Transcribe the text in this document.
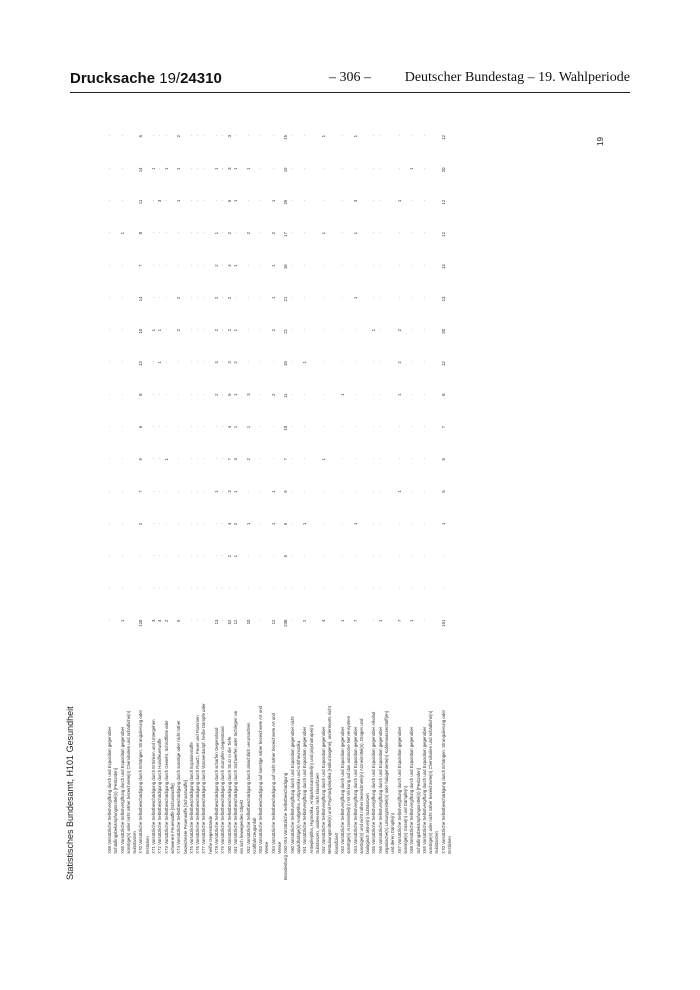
Drucksache 19/24310	– 306 –	Deutscher Bundestag – 19. Wahlperiode
Statistisches Bundesamt, H101 Gesundheit
		X68 Vorsätzliche Selbstvergiftung durch und Exposition gegenüber	·	·	·	·	·	·	·	·	·	·	·	·	·	·	·	·
	Schädlingsbekämpfungsmittel(n) [Pestiziden]																
	X69 Vorsätzliche Selbstvergiftung durch und Exposition gegenüber	1	·	·	·	·	·	·	·	·	·	·	·	1	·	·	·
	sonstige(n) oder nicht näher bezeichnete(n) Chemikalien und schädliche(n)																
	Substanzen																
	X70 Vorsätzliche Selbstbeschädigung durch Erhängen, Strangulierung oder	120	·	·	2	7	9	6	8	13	10	14	7	8	11	14	6
	Ersticken																
	X71 Vorsätzliche Selbstbeschädigung durch Ertrinken und Untergehen	3	·	·	·	·	·	·	·	·	1	·	·	·	·	1	·
	X72 Vorsätzliche Selbstbeschädigung durch Handfeuerwaffe	4	·	·	·	·	·	·	·	1	1	·	·	·	3	·	·
	X73 Vorsätzliche Selbstbeschädigung durch Gewehr, Schrotflinte oder	2	·	·	·	·	1	·	·	·	·	·	·	·	·	1	·
	schwerere Feuerwaffe [Schusswaffe]																
	X74 Vorsätzliche Selbstbeschädigung durch sonstige oder nicht näher	5	·	·	·	·	·	·	·	·	2	2	·	·	1	1	2
	bezeichnete Feuerwaffe [Schusswaffe]																
	X75 Vorsätzliche Selbstbeschädigung durch Explosivstoffe	·	·	·	·	·	·	·	·	·	·	·	·	·	·	·	·
	X76 Vorsätzliche Selbstbeschädigung durch Rauch, Feuer und Flammen	·	·	·	·	·	·	·	·	·	·	·	·	·	·	·	·
	X77 Vorsätzliche Selbstbeschädigung durch Wasserdampf, heiße Dämpfe oder	·	·	·	·	·	·	·	·	·	·	·	·	·	·	·	·
	heiße Gegenstände																
	X78 Vorsätzliche Selbstbeschädigung durch scharfen Gegenstand	13	·	·	·	1	·	·	2	3	2	2	2	1	·	1	·
	X79 Vorsätzliche Selbstbeschädigung durch stumpfen Gegenstand	·	·	·	·	·	·	·	·	·	·	·	·	·	·	·	·
	X80 Vorsätzliche Selbstbeschädigung durch Sturz in die Tiefe	52	·	2	4	3	7	4	5	3	2	2	4	2	5	3	3
	X81 Vorsätzliche Selbstbeschädigung durch Sichwerfen oder Sichlegen vor	12	·	1	2	1	3	1	1	2	1	·	1	·	1	1	·
	ein sich bewegendes Objekt																
	X82 Vorsätzliche Selbstbeschädigung durch absichtlich verursachten	10	·	·	1	·	2	1	3	·	·	·	·	2	·	1	·
	Kraftfahrzeugunfall																
	X83 Vorsätzliche Selbstbeschädigung auf sonstige näher bezeichnete Art und	·	·	·	·	·	·	·	·	·	·	·	·	·	·	·	·
	Weise																
	X84 Vorsätzliche Selbstbeschädigung auf nicht näher bezeichnete Art und	12	·	·	1	1	·	·	2	·	2	1	1	2	1	·	·
	Weise																
Brandenburg	X60-X84 Vorsätzliche Selbstbeschädigung	238	·	5	9	9	7	10	11	18	21	21	18	17	25	19	15
	X60 Vorsätzliche Selbstvergiftung durch und Exposition gegenüber nicht	·	·	·	·	·	·	·	·	·	·	·	·	·	·	·	·
	opioidhaltige(n) Analgetika, Antipyretika und Antirheumatika																
	X61 Vorsätzliche Selbstvergiftung durch und Exposition gegenüber	2	·	·	1	·	·	·	·	1	·	·	·	·	·	·	·
	Antiepileptika, Hypnotika, Antiparkinsonmittel(n) und psychotrope(n)																
	Substanzen, anderenorts nicht klassifiziert																
	X62 Vorsätzliche Selbstvergiftung durch und Exposition gegenüber	4	·	·	·	·	1	·	·	·	·	·	·	1	·	·	1
	Betäubungsmittel(n) und Psychodysleptika [Halluzinogene], anderenorts nicht																
	klassifiziert																
	X63 Vorsätzliche Selbstvergiftung durch und Exposition gegenüber	1	·	·	·	·	·	·	1	·	·	·	·	·	·	·	·
	sonstige(n) Arzneimittel(n) mit Wirkung auf das autonome Nervensystem																
	X64 Vorsätzliche Selbstvergiftung durch und Exposition gegenüber	7	·	·	1	·	·	·	·	·	·	1	·	1	3	·	1
	sonstige(n) und nicht näher bezeichnete(n) Arzneimittel(n), Drogen und																
	biologisch aktive(n) Substanzen																
	X65 Vorsätzliche Selbstvergiftung durch und Exposition gegenüber Alkohol	·	·	·	·	·	·	·	·	·	1	·	·	·	·	·	·
	X66 Vorsätzliche Selbstvergiftung durch und Exposition gegenüber	1	·	·	·	·	·	·	·	·	·	·	·	·	·	·	·
	organische(n) Lösungsmittel(n) oder halogenierte(n) Kohlenwasserstoff(en)																
	und deren Dämpfe(n)																
	X67 Vorsätzliche Selbstvergiftung durch und Exposition gegenüber	7	·	·	·	1	·	·	1	2	2	·	·	·	1	·	·
	sonstige(n) Gase(n) und Dämpfe(n)																
	X68 Vorsätzliche Selbstvergiftung durch und Exposition gegenüber	1	·	·	·	·	·	·	·	·	·	·	·	·	·	1	·
	Schädlingsbekämpfungsmittel(n) [Pestiziden]																
	X69 Vorsätzliche Selbstvergiftung durch und Exposition gegenüber	·	·	·	·	·	·	·	·	·	·	·	·	·	·	·	·
	sonstige(n) oder nicht näher bezeichnete(n) Chemikalien und schädliche(n)																
	Substanzen																
	X70 Vorsätzliche Selbstbeschädigung durch Erhängen, Strangulierung oder	151	·	·	1	5	5	7	8	12	20	13	13	12	12	20	12
	Ersticken																
19
